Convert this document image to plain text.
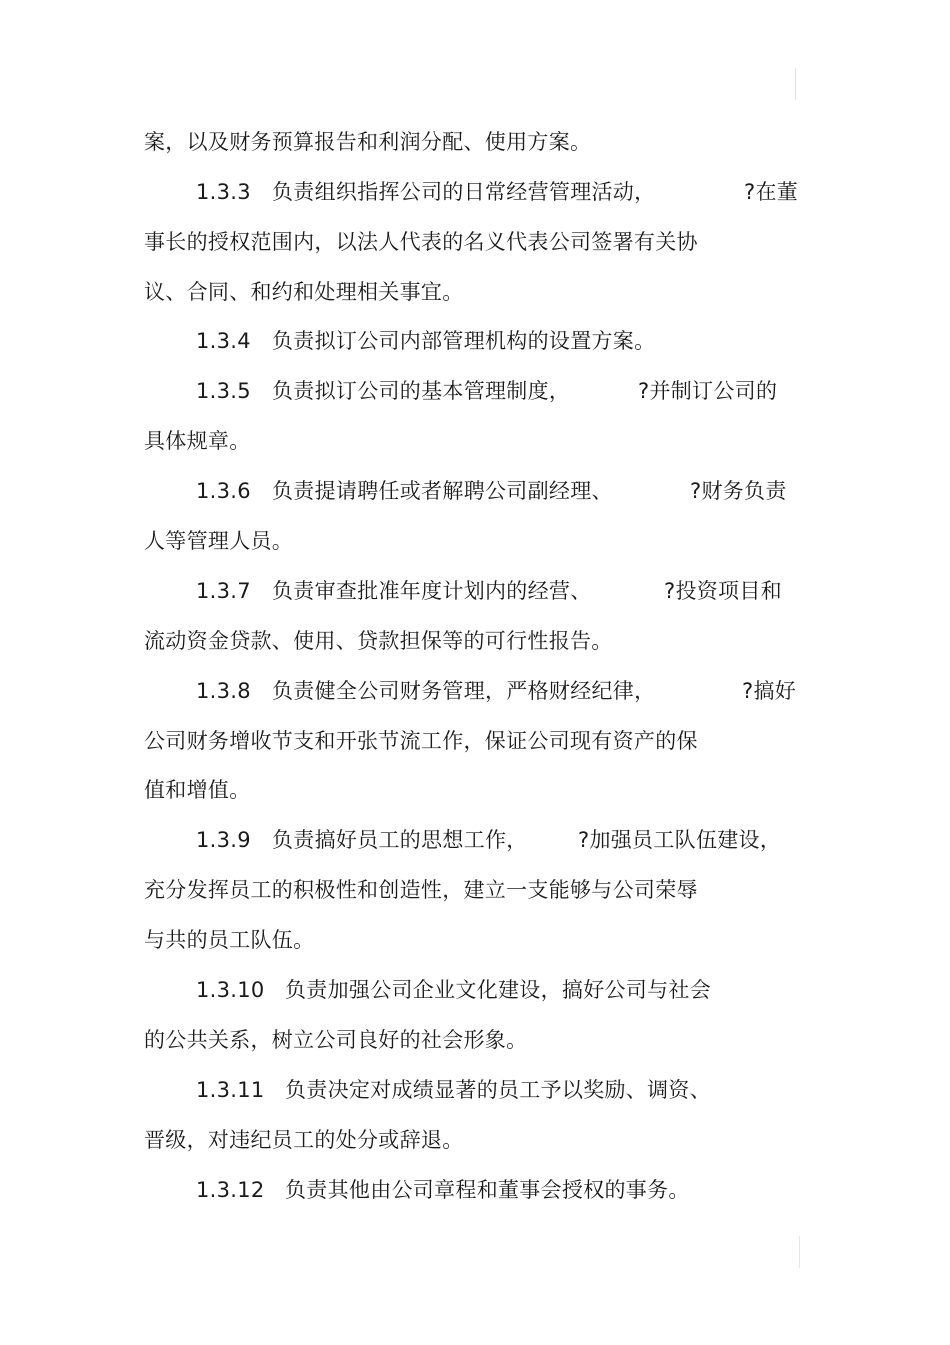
案，以及财务预算报告和利润分配、使用方案。
1.3.3 负责组织指挥公司的日常经营管理活动，	?在董
事长的授权范围内，以法人代表的名义代表公司签署有关协
议、合同、和约和处理相关事宜。
1.3.4 负责拟订公司内部管理机构的设置方案。
1.3.5 负责拟订公司的基本管理制度，	?并制订公司的
具体规章。
1.3.6 负责提请聘任或者解聘公司副经理、	?财务负责
人等管理人员。
1.3.7 负责审查批准年度计划内的经营、	?投资项目和
流动资金贷款、使用、贷款担保等的可行性报告。
1.3.8 负责健全公司财务管理，严格财经纪律，	?搞好
公司财务增收节支和开张节流工作，保证公司现有资产的保
值和增值。
1.3.9 负责搞好员工的思想工作， ?加强员工队伍建设，
充分发挥员工的积极性和创造性，建立一支能够与公司荣辱
与共的员工队伍。
1.3.10 负责加强公司企业文化建设，搞好公司与社会
的公共关系，树立公司良好的社会形象。
1.3.11 负责决定对成绩显著的员工予以奖励、调资、
晋级，对违纪员工的处分或辞退。
1.3.12 负责其他由公司章程和董事会授权的事务。
